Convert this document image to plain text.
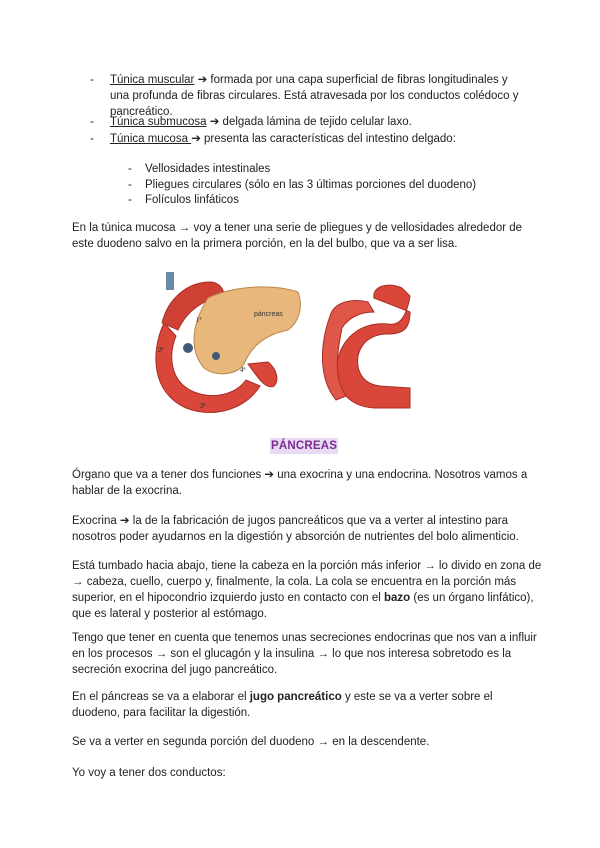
- Túnica muscular ➔ formada por una capa superficial de fibras longitudinales y una profunda de fibras circulares. Está atravesada por los conductos colédoco y pancreático.
- Túnica submucosa ➔ delgada lámina de tejido celular laxo.
- Túnica mucosa ➔ presenta las características del intestino delgado:
- Vellosidades intestinales
- Pliegues circulares (sólo en las 3 últimas porciones del duodeno)
- Folículos linfáticos
En la túnica mucosa → voy a tener una serie de pliegues y de vellosidades alrededor de este duodeno salvo en la primera porción, en la del bulbo, que va a ser lisa.
páncreas
1ª
2ª
3ª
4ª
PÁNCREAS
Órgano que va a tener dos funciones ➔ una exocrina y una endocrina. Nosotros vamos a hablar de la exocrina.
Exocrina ➔ la de la fabricación de jugos pancreáticos que va a verter al intestino para nosotros poder ayudarnos en la digestión y absorción de nutrientes del bolo alimenticio.
Está tumbado hacia abajo, tiene la cabeza en la porción más inferior → lo divido en zona de → cabeza, cuello, cuerpo y, finalmente, la cola. La cola se encuentra en la porción más superior, en el hipocondrio izquierdo justo en contacto con el bazo (es un órgano linfático), que es lateral y posterior al estómago.
Tengo que tener en cuenta que tenemos unas secreciones endocrinas que nos van a influir en los procesos → son el glucagón y la insulina → lo que nos interesa sobretodo es la secreción exocrina del jugo pancreático.
En el páncreas se va a elaborar el jugo pancreático y este se va a verter sobre el duodeno, para facilitar la digestión.
Se va a verter en segunda porción del duodeno → en la descendente.
Yo voy a tener dos conductos:
